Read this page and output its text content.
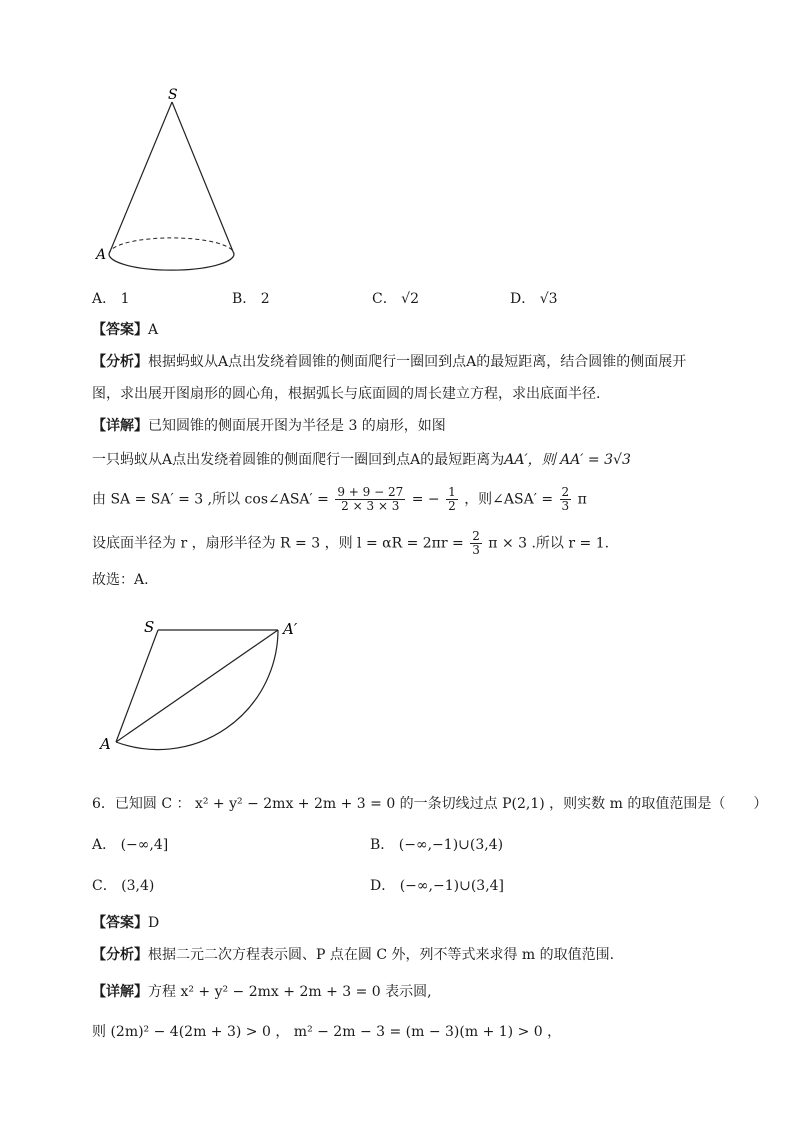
S
A
A． 1	B． 2	C． √2	D． √3
【答案】A
【分析】根据蚂蚁从A点出发绕着圆锥的侧面爬行一圈回到点A的最短距离，结合圆锥的侧面展开
图，求出展开图扇形的圆心角，根据弧长与底面圆的周长建立方程，求出底面半径.
【详解】已知圆锥的侧面展开图为半径是 3 的扇形，如图
一只蚂蚁从A点出发绕着圆锥的侧面爬行一圈回到点A的最短距离为AA′，则 AA′ = 3√3
由 SA = SA′ = 3 ,所以 cos∠ASA′ = $\frac{9 + 9 - 27}{2 \times 3 \times 3}$ = − $\frac{1}{2}$ ，则∠ASA′ = $\frac{2}{3}$ π
设底面半径为 r ，扇形半径为 R = 3 ，则 $l = \alpha R = 2\pi r = \frac{2}{3}$ π × 3 .所以 r = 1.
故选：A.
S	A′
A
6．已知圆 C ： x² + y² − 2mx + 2m + 3 = 0 的一条切线过点 P(2,1) ，则实数 m 的取值范围是（　　）
A． (−∞,4]	B． (−∞,−1)∪(3,4)
C． (3,4)	D． (−∞,−1)∪(3,4]
【答案】D
【分析】根据二元二次方程表示圆、P 点在圆 C 外，列不等式来求得 m 的取值范围.
【详解】方程 x² + y² − 2mx + 2m + 3 = 0 表示圆,
则 (2m)² − 4(2m + 3) > 0 ， m² − 2m − 3 = (m − 3)(m + 1) > 0 ，
